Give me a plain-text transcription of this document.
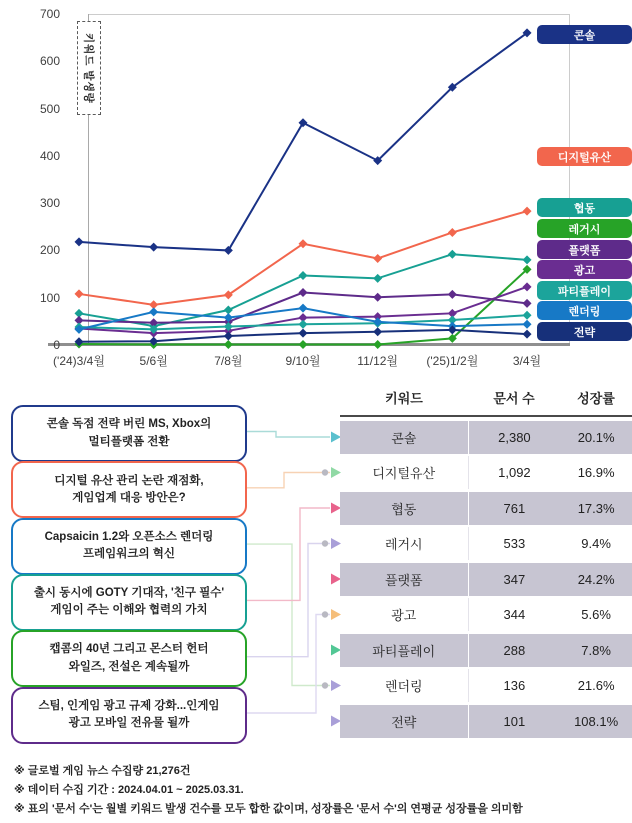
700
600
500
400
300
200
100
0
('24)3/4월	5/6월	7/8월	9/10월	11/12월	('25)1/2월	3/4월
키워드 발생량	콘솔
디지털유산
협동
레거시
플랫폼
광고
파티플레이
렌더링
전략
키워드	문서 수	성장률
콘솔	2,380	20.1%
디지털유산	1,092	16.9%
협동	761	17.3%
레거시	533	9.4%
플랫폼	347	24.2%
광고	344	5.6%
파티플레이	288	7.8%
렌더링	136	21.6%
전략	101	108.1%
콘솔 독점 전략 버린 MS, Xbox의
멀티플랫폼 전환
디지털 유산 관리 논란 재점화,
게임업계 대응 방안은?
Capsaicin 1.2와 오픈소스 렌더링
프레임워크의 혁신
출시 동시에 GOTY 기대작, '친구 필수'
게임이 주는 이해와 협력의 가치
캡콤의 40년 그리고 몬스터 헌터
와일즈, 전설은 계속될까
스팀, 인게임 광고 규제 강화...인게임
광고 모바일 전유물 될까
※ 글로벌 게임 뉴스 수집량 21,276건
※ 데이터 수집 기간 : 2024.04.01 ~ 2025.03.31.
※ 표의 '문서 수'는 월별 키워드 발생 건수를 모두 합한 값이며, 성장률은 '문서 수'의 연평균 성장률을 의미함
